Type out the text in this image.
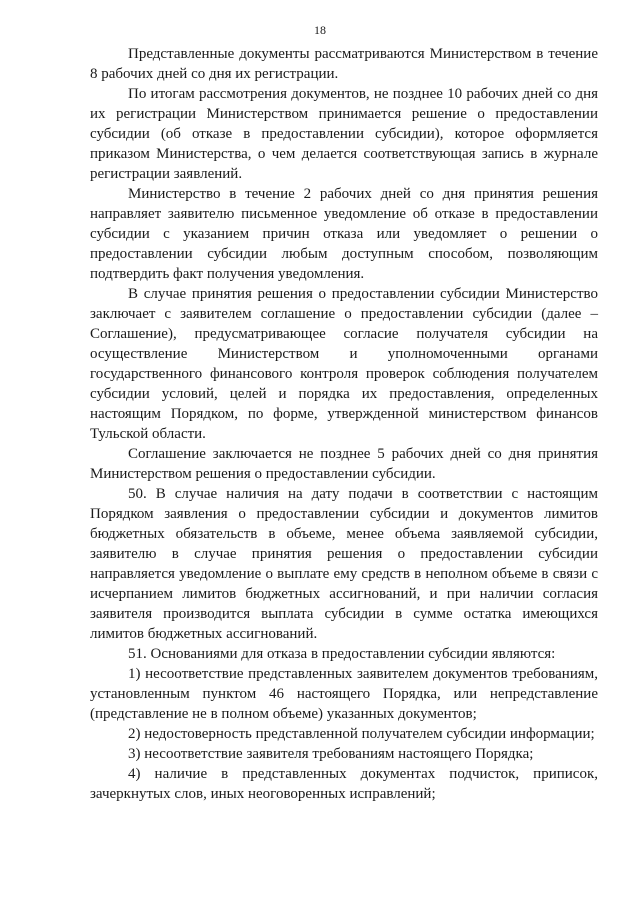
18

Представленные документы рассматриваются Министерством в течение 8 рабочих дней со дня их регистрации.

По итогам рассмотрения документов, не позднее 10 рабочих дней со дня их регистрации Министерством принимается решение о предоставлении субсидии (об отказе в предоставлении субсидии), которое оформляется приказом Министерства, о чем делается соответствующая запись в журнале регистрации заявлений.

Министерство в течение 2 рабочих дней со дня принятия решения направляет заявителю письменное уведомление об отказе в предоставлении субсидии с указанием причин отказа или уведомляет о решении о предоставлении субсидии любым доступным способом, позволяющим подтвердить факт получения уведомления.

В случае принятия решения о предоставлении субсидии Министерство заключает с заявителем соглашение о предоставлении субсидии (далее – Соглашение), предусматривающее согласие получателя субсидии на осуществление Министерством и уполномоченными органами государственного финансового контроля проверок соблюдения получателем субсидии условий, целей и порядка их предоставления, определенных настоящим Порядком, по форме, утвержденной министерством финансов Тульской области.

Соглашение заключается не позднее 5 рабочих дней со дня принятия Министерством решения о предоставлении субсидии.

50. В случае наличия на дату подачи в соответствии с настоящим Порядком заявления о предоставлении субсидии и документов лимитов бюджетных обязательств в объеме, менее объема заявляемой субсидии, заявителю в случае принятия решения о предоставлении субсидии направляется уведомление о выплате ему средств в неполном объеме в связи с исчерпанием лимитов бюджетных ассигнований, и при наличии согласия заявителя производится выплата субсидии в сумме остатка имеющихся лимитов бюджетных ассигнований.

51. Основаниями для отказа в предоставлении субсидии являются:

1) несоответствие представленных заявителем документов требованиям, установленным пунктом 46 настоящего Порядка, или непредставление (представление не в полном объеме) указанных документов;

2) недостоверность представленной получателем субсидии информации;

3) несоответствие заявителя требованиям настоящего Порядка;

4) наличие в представленных документах подчисток, приписок, зачеркнутых слов, иных неоговоренных исправлений;
